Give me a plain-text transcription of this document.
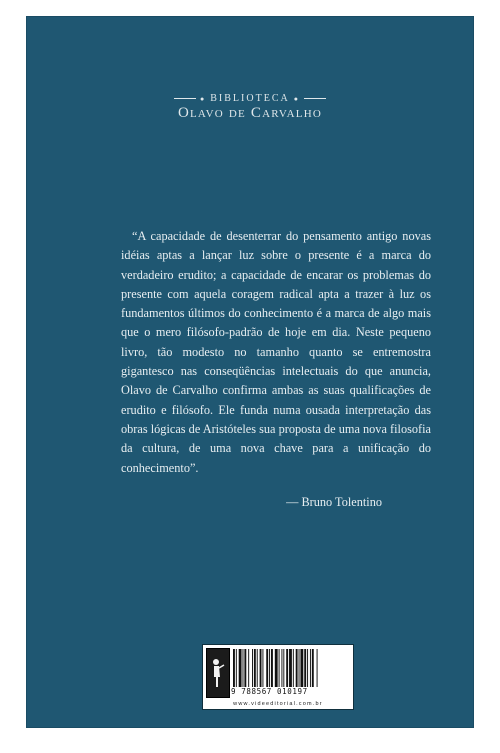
● BIBLIOTECA ●
Olavo de Carvalho
“A capacidade de desenterrar do pensamento antigo novas idéias aptas a lançar luz sobre o presente é a marca do verdadeiro erudito; a capacidade de encarar os problemas do presente com aquela coragem radical apta a trazer à luz os fundamentos últimos do conhecimento é a marca de algo mais que o mero filósofo-padrão de hoje em dia. Neste pequeno livro, tão modesto no tamanho quanto se entremostra gigantesco nas conseqüências intelectuais do que anuncia, Olavo de Carvalho confirma ambas as suas qualificações de erudito e filósofo. Ele funda numa ousada interpretação das obras lógicas de Aristóteles sua proposta de uma nova filosofia da cultura, de uma nova chave para a unificação do conhecimento”.
— Bruno Tolentino
9 788567 010197
www.videeditorial.com.br
